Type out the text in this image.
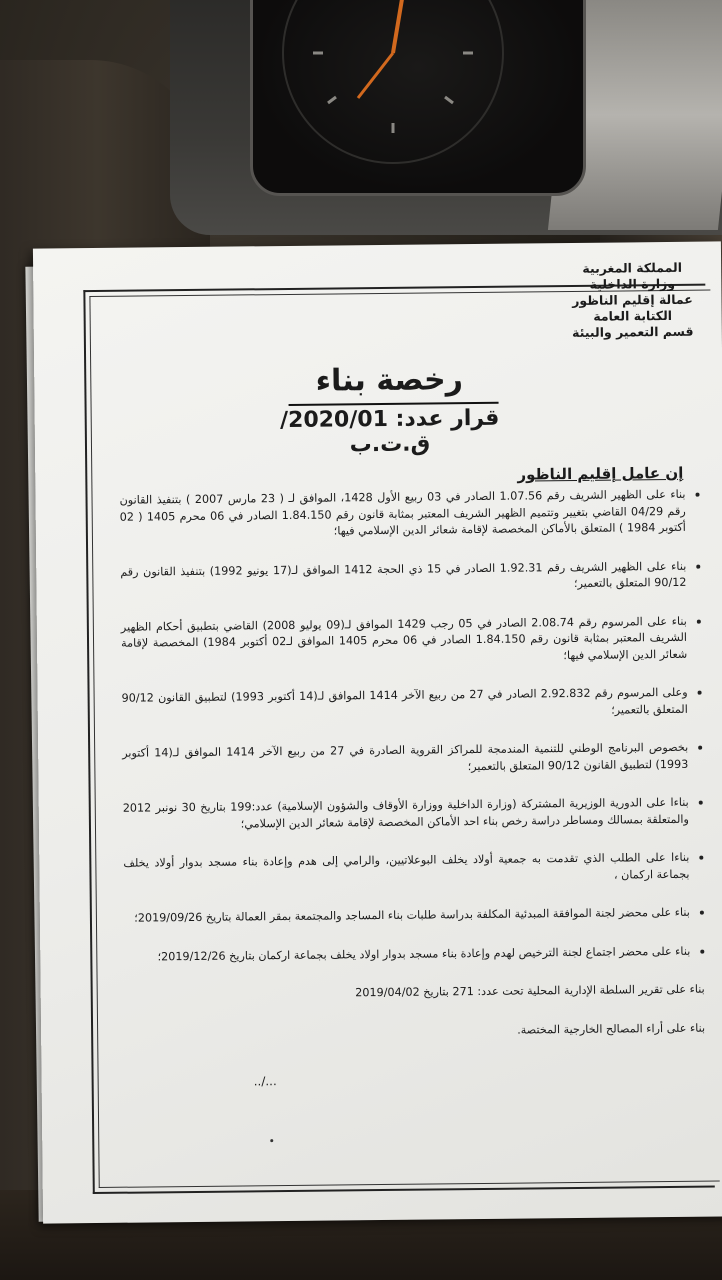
المملكة المغربية
وزارة الداخلية
عمالة إقليم الناظور
الكتابة العامة
قسم التعمير والبيئة
رخصة بناء
قرار عدد: 2020/01/ ق.ت.ب
إن عامل إقليم الناظور
بناء على الظهير الشريف رقم 1.07.56 الصادر في 03 ربيع الأول 1428، الموافق لـ ( 23 مارس 2007 ) بتنفيذ القانون رقم 04/29 القاضي بتغيير وتتميم الظهير الشريف المعتبر بمثابة قانون رقم 1.84.150 الصادر في 06 محرم 1405 ( 02 أكتوبر 1984 ) المتعلق بالأماكن المخصصة لإقامة شعائر الدين الإسلامي فيها؛
بناء على الظهير الشريف رقم 1.92.31 الصادر في 15 ذي الحجة 1412 الموافق لـ(17 يونيو 1992) بتنفيذ القانون رقم 90/12 المتعلق بالتعمير؛
بناء على المرسوم رقم 2.08.74 الصادر في 05 رجب 1429 الموافق لـ(09 يوليو 2008) القاضي بتطبيق أحكام الظهير الشريف المعتبر بمثابة قانون رقم 1.84.150 الصادر في 06 محرم 1405 الموافق لـ02 أكتوبر 1984) المخصصة لإقامة شعائر الدين الإسلامي فيها؛
وعلى المرسوم رقم 2.92.832 الصادر في 27 من ربيع الآخر 1414 الموافق لـ(14 أكتوبر 1993) لتطبيق القانون 90/12 المتعلق بالتعمير؛
بخصوص البرنامج الوطني للتنمية المندمجة للمراكز القروية الصادرة في 27 من ربيع الآخر 1414 الموافق لـ(14 أكتوبر 1993) لتطبيق القانون 90/12 المتعلق بالتعمير؛
بناءا على الدورية الوزيرية المشتركة (وزارة الداخلية ووزارة الأوقاف والشؤون الإسلامية) عدد:199 بتاريخ 30 نونبر 2012 والمتعلقة بمسالك ومساطر دراسة رخص بناء احد الأماكن المخصصة لإقامة شعائر الدين الإسلامي؛
بناءا على الطلب الذي تقدمت به جمعية أولاد يخلف البوعلاتيين، والرامي إلى هدم وإعادة بناء مسجد بدوار أولاد يخلف بجماعة اركمان ،
بناء على محضر لجنة الموافقة المبدئية المكلفة بدراسة طلبات بناء المساجد والمجتمعة بمقر العمالة بتاريخ 2019/09/26؛
بناء على محضر اجتماع لجنة الترخيص لهدم وإعادة بناء مسجد بدوار اولاد يخلف بجماعة اركمان بتاريخ 2019/12/26؛
بناء على تقرير السلطة الإدارية المحلية تحت عدد: 271 بتاريخ 2019/04/02
بناء على أراء المصالح الخارجية المختصة.
../...
